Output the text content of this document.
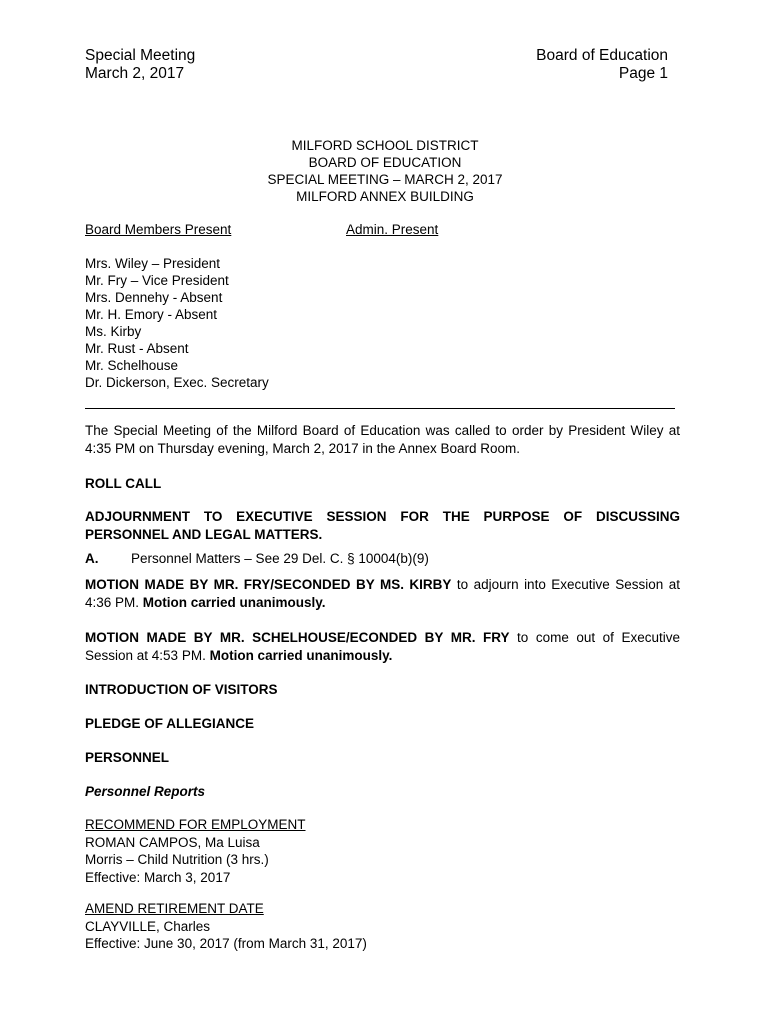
Special Meeting
March 2, 2017
Board of Education
Page 1
MILFORD SCHOOL DISTRICT
BOARD OF EDUCATION
SPECIAL MEETING – MARCH 2, 2017
MILFORD ANNEX BUILDING
Board Members Present	Admin. Present
Mrs. Wiley – President
Mr. Fry – Vice President
Mrs. Dennehy - Absent
Mr. H. Emory - Absent
Ms. Kirby
Mr. Rust - Absent
Mr. Schelhouse
Dr. Dickerson, Exec. Secretary
The Special Meeting of the Milford Board of Education was called to order by President Wiley at 4:35 PM on Thursday evening, March 2, 2017 in the Annex Board Room.
ROLL CALL
ADJOURNMENT TO EXECUTIVE SESSION FOR THE PURPOSE OF DISCUSSING PERSONNEL AND LEGAL MATTERS.
A.	Personnel Matters – See 29 Del. C. § 10004(b)(9)
MOTION MADE BY MR. FRY/SECONDED BY MS. KIRBY to adjourn into Executive Session at 4:36 PM. Motion carried unanimously.
MOTION MADE BY MR. SCHELHOUSE/ECONDED BY MR. FRY to come out of Executive Session at 4:53 PM. Motion carried unanimously.
INTRODUCTION OF VISITORS
PLEDGE OF ALLEGIANCE
PERSONNEL
Personnel Reports
RECOMMEND FOR EMPLOYMENT
ROMAN CAMPOS, Ma Luisa
Morris – Child Nutrition (3 hrs.)
Effective: March 3, 2017
AMEND RETIREMENT DATE
CLAYVILLE, Charles
Effective: June 30, 2017 (from March 31, 2017)
